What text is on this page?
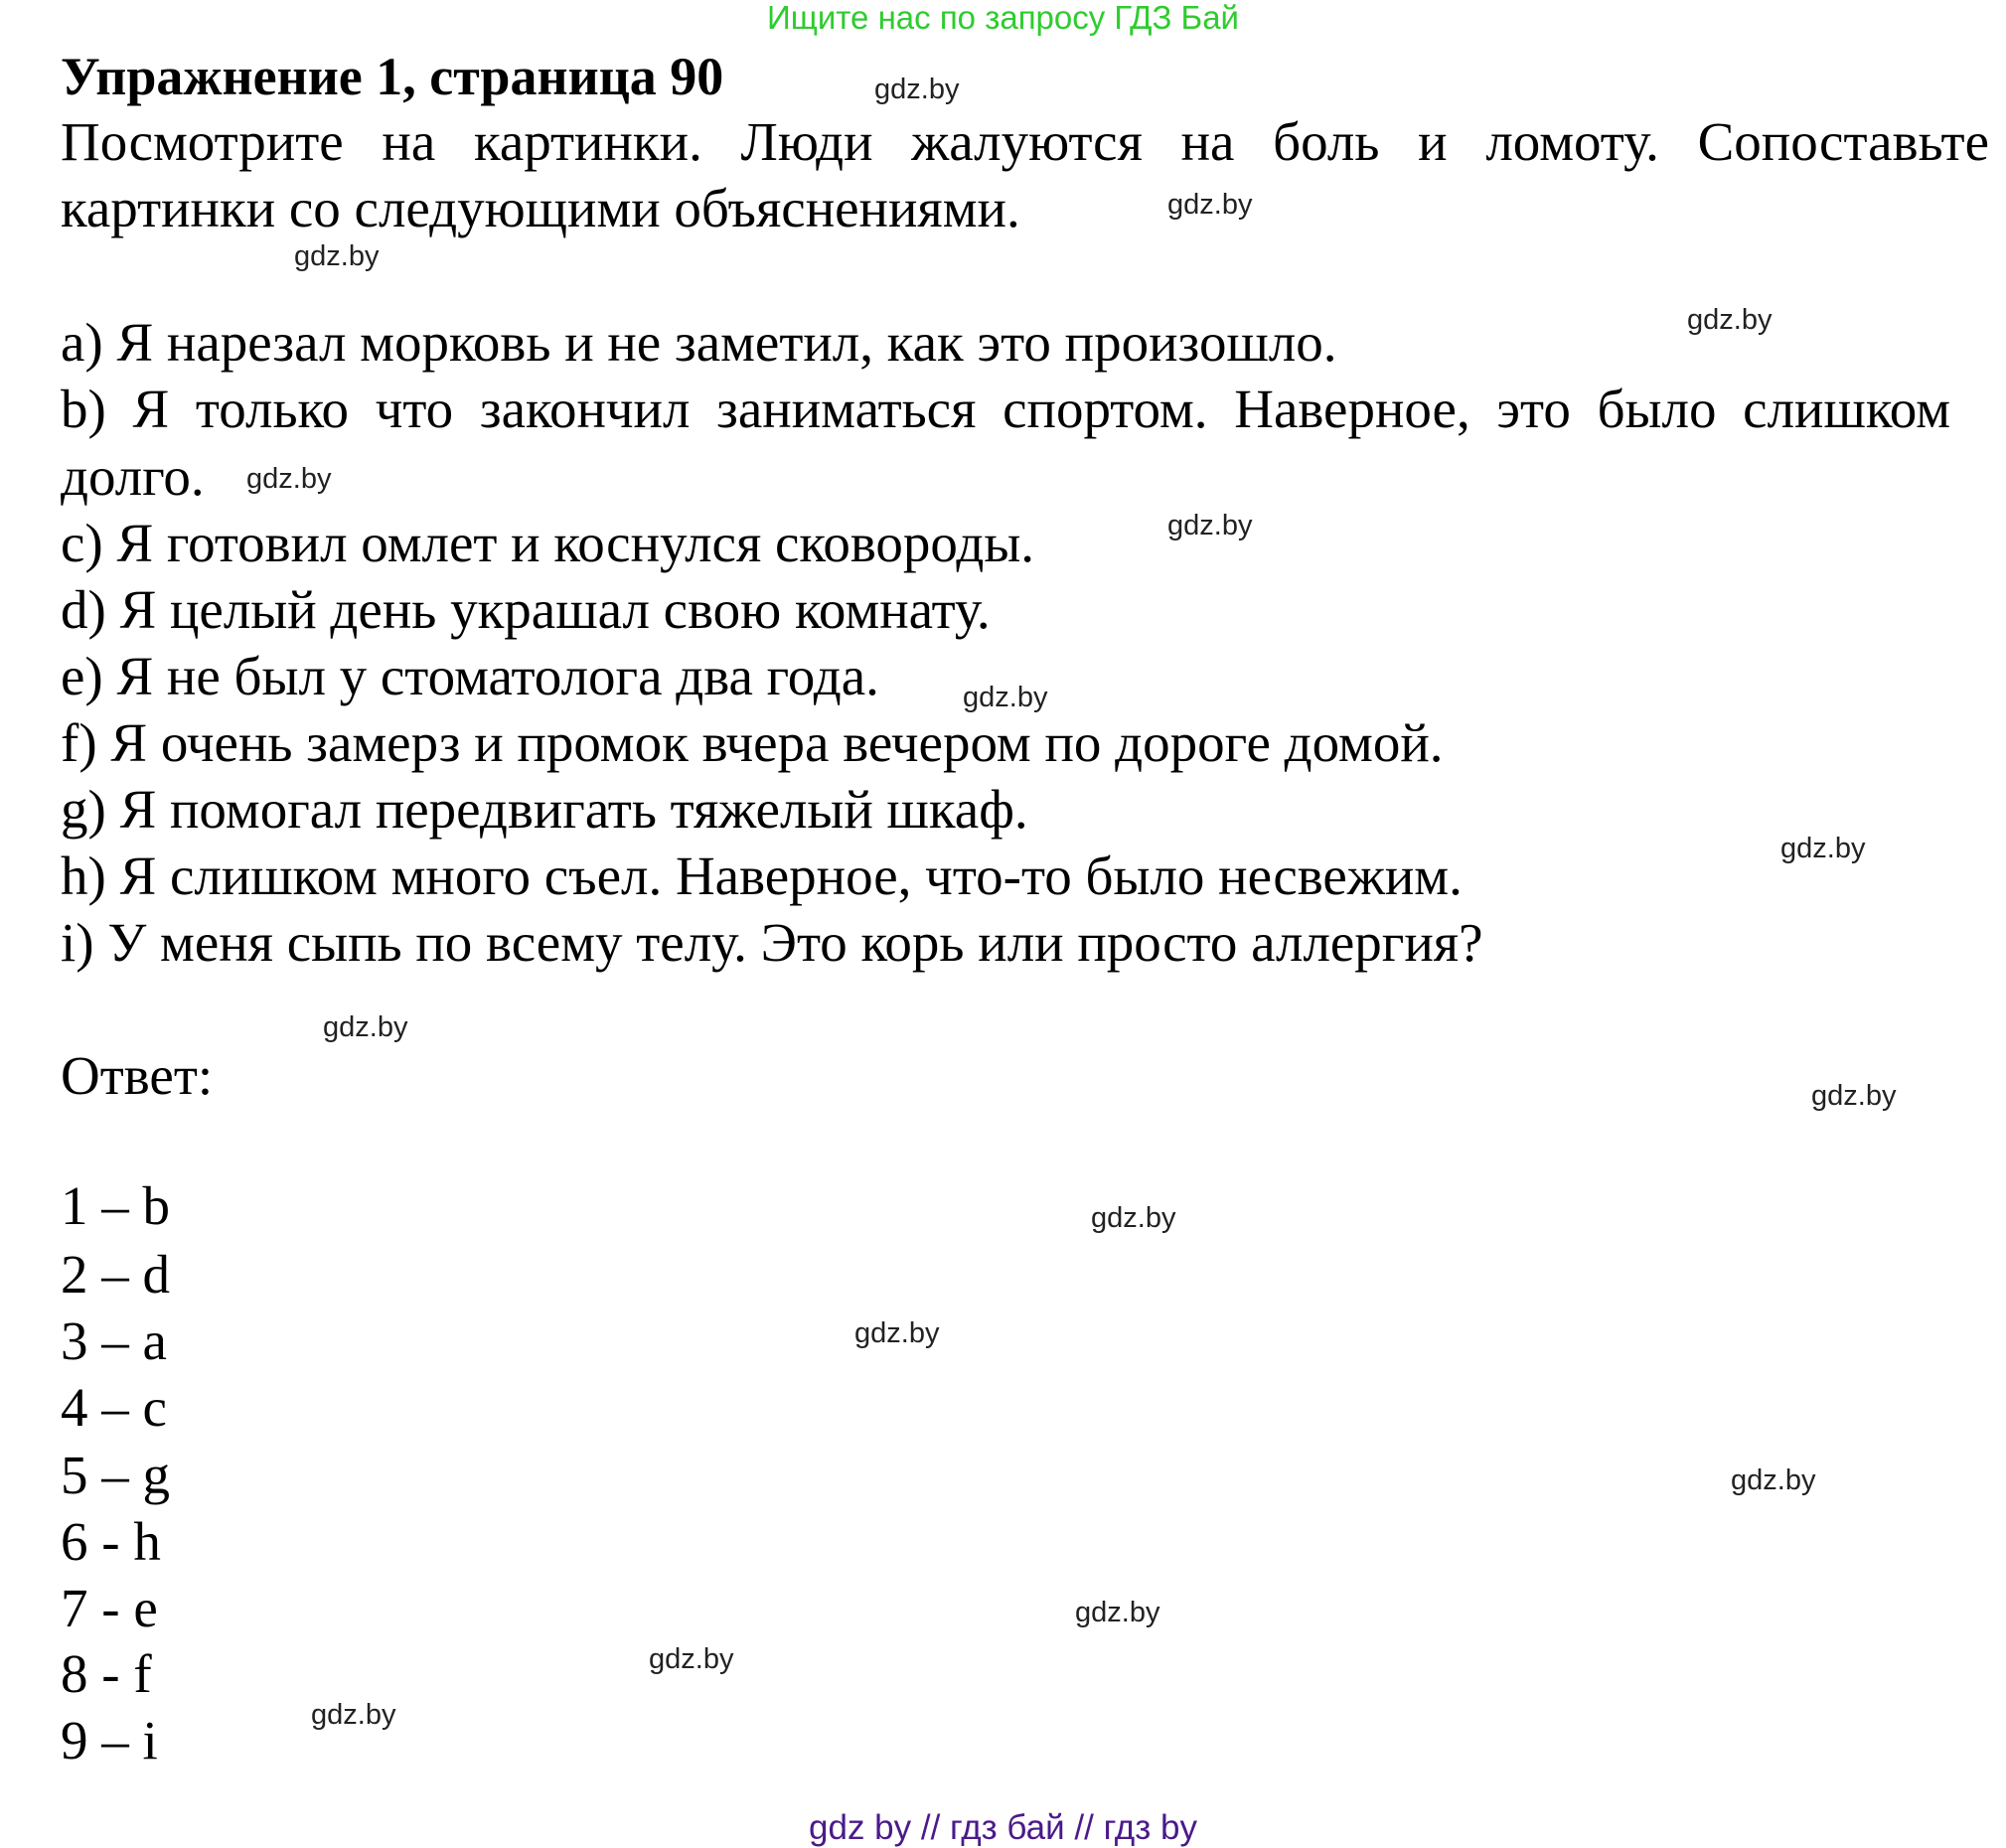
Ищите нас по запросу ГДЗ Бай
Упражнение 1, страница 90
Посмотрите на картинки. Люди жалуются на боль и ломоту. Сопоставьте
картинки со следующими объяснениями.
a) Я нарезал морковь и не заметил, как это произошло.
b) Я только что закончил заниматься спортом. Наверное, это было слишком
долго.
c) Я готовил омлет и коснулся сковороды.
d) Я целый день украшал свою комнату.
e) Я не был у стоматолога два года.
f) Я очень замерз и промок вчера вечером по дороге домой.
g) Я помогал передвигать тяжелый шкаф.
h) Я слишком много съел. Наверное, что-то было несвежим.
i) У меня сыпь по всему телу. Это корь или просто аллергия?
Ответ:
1 – b
2 – d
3 – a
4 – c
5 – g
6 - h
7 - e
8 - f
9 – i
gdz.by
gdz.by
gdz.by
gdz.by
gdz.by
gdz.by
gdz.by
gdz.by
gdz.by
gdz.by
gdz.by
gdz.by
gdz.by
gdz.by
gdz.by
gdz.by
gdz by // гдз бай // гдз by
